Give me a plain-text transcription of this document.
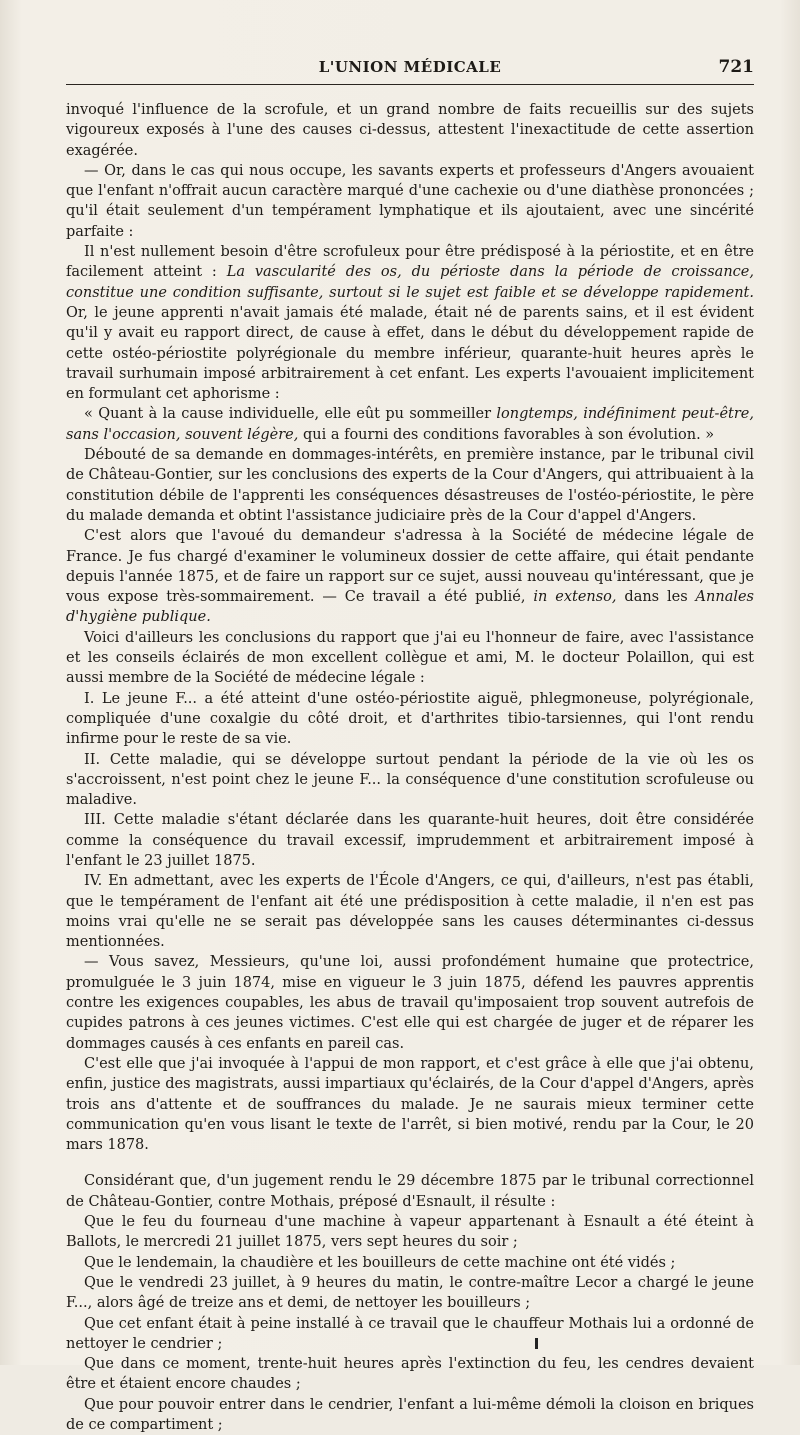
L'UNION MÉDICALE	721

invoqué l'influence de la scrofule, et un grand nombre de faits recueillis sur des sujets vigoureux exposés à l'une des causes ci-dessus, attestent l'inexactitude de cette assertion exagérée.

— Or, dans le cas qui nous occupe, les savants experts et professeurs d'Angers avouaient que l'enfant n'offrait aucun caractère marqué d'une cachexie ou d'une diathèse prononcées ; qu'il était seulement d'un tempérament lymphatique et ils ajoutaient, avec une sincérité parfaite :

Il n'est nullement besoin d'être scrofuleux pour être prédisposé à la périostite, et en être facilement atteint : La vascularité des os, du périoste dans la période de croissance, constitue une condition suffisante, surtout si le sujet est faible et se développe rapidement. Or, le jeune apprenti n'avait jamais été malade, était né de parents sains, et il est évident qu'il y avait eu rapport direct, de cause à effet, dans le début du développement rapide de cette ostéo-périostite polyrégionale du membre inférieur, quarante-huit heures après le travail surhumain imposé arbitrairement à cet enfant. Les experts l'avouaient implicitement en formulant cet aphorisme :

« Quant à la cause individuelle, elle eût pu sommeiller longtemps, indéfiniment peut-être, sans l'occasion, souvent légère, qui a fourni des conditions favorables à son évolution. »

Débouté de sa demande en dommages-intérêts, en première instance, par le tribunal civil de Château-Gontier, sur les conclusions des experts de la Cour d'Angers, qui attribuaient à la constitution débile de l'apprenti les conséquences désastreuses de l'ostéo-périostite, le père du malade demanda et obtint l'assistance judiciaire près de la Cour d'appel d'Angers.

C'est alors que l'avoué du demandeur s'adressa à la Société de médecine légale de France. Je fus chargé d'examiner le volumineux dossier de cette affaire, qui était pendante depuis l'année 1875, et de faire un rapport sur ce sujet, aussi nouveau qu'intéressant, que je vous expose très-sommairement. — Ce travail a été publié, in extenso, dans les Annales d'hygiène publique.

Voici d'ailleurs les conclusions du rapport que j'ai eu l'honneur de faire, avec l'assistance et les conseils éclairés de mon excellent collègue et ami, M. le docteur Polaillon, qui est aussi membre de la Société de médecine légale :

I. Le jeune F... a été atteint d'une ostéo-périostite aiguë, phlegmoneuse, polyrégionale, compliquée d'une coxalgie du côté droit, et d'arthrites tibio-tarsiennes, qui l'ont rendu infirme pour le reste de sa vie.

II. Cette maladie, qui se développe surtout pendant la période de la vie où les os s'accroissent, n'est point chez le jeune F... la conséquence d'une constitution scrofuleuse ou maladive.

III. Cette maladie s'étant déclarée dans les quarante-huit heures, doit être considérée comme la conséquence du travail excessif, imprudemment et arbitrairement imposé à l'enfant le 23 juillet 1875.

IV. En admettant, avec les experts de l'École d'Angers, ce qui, d'ailleurs, n'est pas établi, que le tempérament de l'enfant ait été une prédisposition à cette maladie, il n'en est pas moins vrai qu'elle ne se serait pas développée sans les causes déterminantes ci-dessus mentionnées.

— Vous savez, Messieurs, qu'une loi, aussi profondément humaine que protectrice, promulguée le 3 juin 1874, mise en vigueur le 3 juin 1875, défend les pauvres apprentis contre les exigences coupables, les abus de travail qu'imposaient trop souvent autrefois de cupides patrons à ces jeunes victimes. C'est elle qui est chargée de juger et de réparer les dommages causés à ces enfants en pareil cas.

C'est elle que j'ai invoquée à l'appui de mon rapport, et c'est grâce à elle que j'ai obtenu, enfin, justice des magistrats, aussi impartiaux qu'éclairés, de la Cour d'appel d'Angers, après trois ans d'attente et de souffrances du malade. Je ne saurais mieux terminer cette communication qu'en vous lisant le texte de l'arrêt, si bien motivé, rendu par la Cour, le 20 mars 1878.

Considérant que, d'un jugement rendu le 29 décembre 1875 par le tribunal correctionnel de Château-Gontier, contre Mothais, préposé d'Esnault, il résulte :

Que le feu du fourneau d'une machine à vapeur appartenant à Esnault a été éteint à Ballots, le mercredi 21 juillet 1875, vers sept heures du soir ;

Que le lendemain, la chaudière et les bouilleurs de cette machine ont été vidés ;

Que le vendredi 23 juillet, à 9 heures du matin, le contre-maître Lecor a chargé le jeune F..., alors âgé de treize ans et demi, de nettoyer les bouilleurs ;

Que cet enfant était à peine installé à ce travail que le chauffeur Mothais lui a ordonné de nettoyer le cendrier ;

Que dans ce moment, trente-huit heures après l'extinction du feu, les cendres devaient être et étaient encore chaudes ;

Que pour pouvoir entrer dans le cendrier, l'enfant a lui-même démoli la cloison en briques de ce compartiment ;
